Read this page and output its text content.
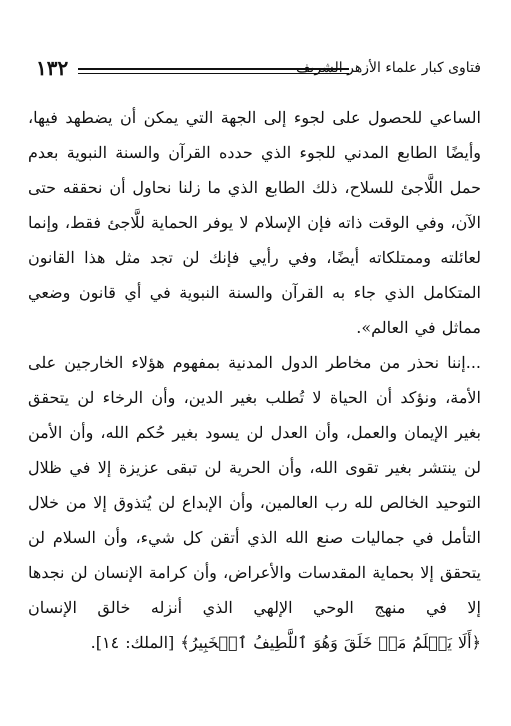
١٣٢	فتاوى كبار علماء الأزهر الشريف

الساعي للحصول على لجوء إلى الجهة التي يمكن أن يضطهد فيها، وأيضًا الطابع المدني للجوء الذي حدده القرآن والسنة النبوية بعدم حمل اللَّاجئ للسلاح، ذلك الطابع الذي ما زلنا نحاول أن نحققه حتى الآن، وفي الوقت ذاته فإن الإسلام لا يوفر الحماية للَّاجئ فقط، وإنما لعائلته وممتلكاته أيضًا، وفي رأيي فإنك لن تجد مثل هذا القانون المتكامل الذي جاء به القرآن والسنة النبوية في أي قانون وضعي مماثل في العالم».

...إننا نحذر من مخاطر الدول المدنية بمفهوم هؤلاء الخارجين على الأمة، ونؤكد أن الحياة لا تُطلب بغير الدين، وأن الرخاء لن يتحقق بغير الإيمان والعمل، وأن العدل لن يسود بغير حُكم الله، وأن الأمن لن ينتشر بغير تقوى الله، وأن الحرية لن تبقى عزيزة إلا في ظلال التوحيد الخالص لله رب العالمين، وأن الإبداع لن يُتذوق إلا من خلال التأمل في جماليات صنع الله الذي أتقن كل شيء، وأن السلام لن يتحقق إلا بحماية المقدسات والأعراض، وأن كرامة الإنسان لن نجدها إلا في منهج الوحي الإلهي الذي أنزله خالق الإنسان ﴿أَلَا يَعۡلَمُ مَنۡ خَلَقَ وَهُوَ ٱللَّطِيفُ ٱلۡخَبِيرُ﴾ [الملك: ١٤].
